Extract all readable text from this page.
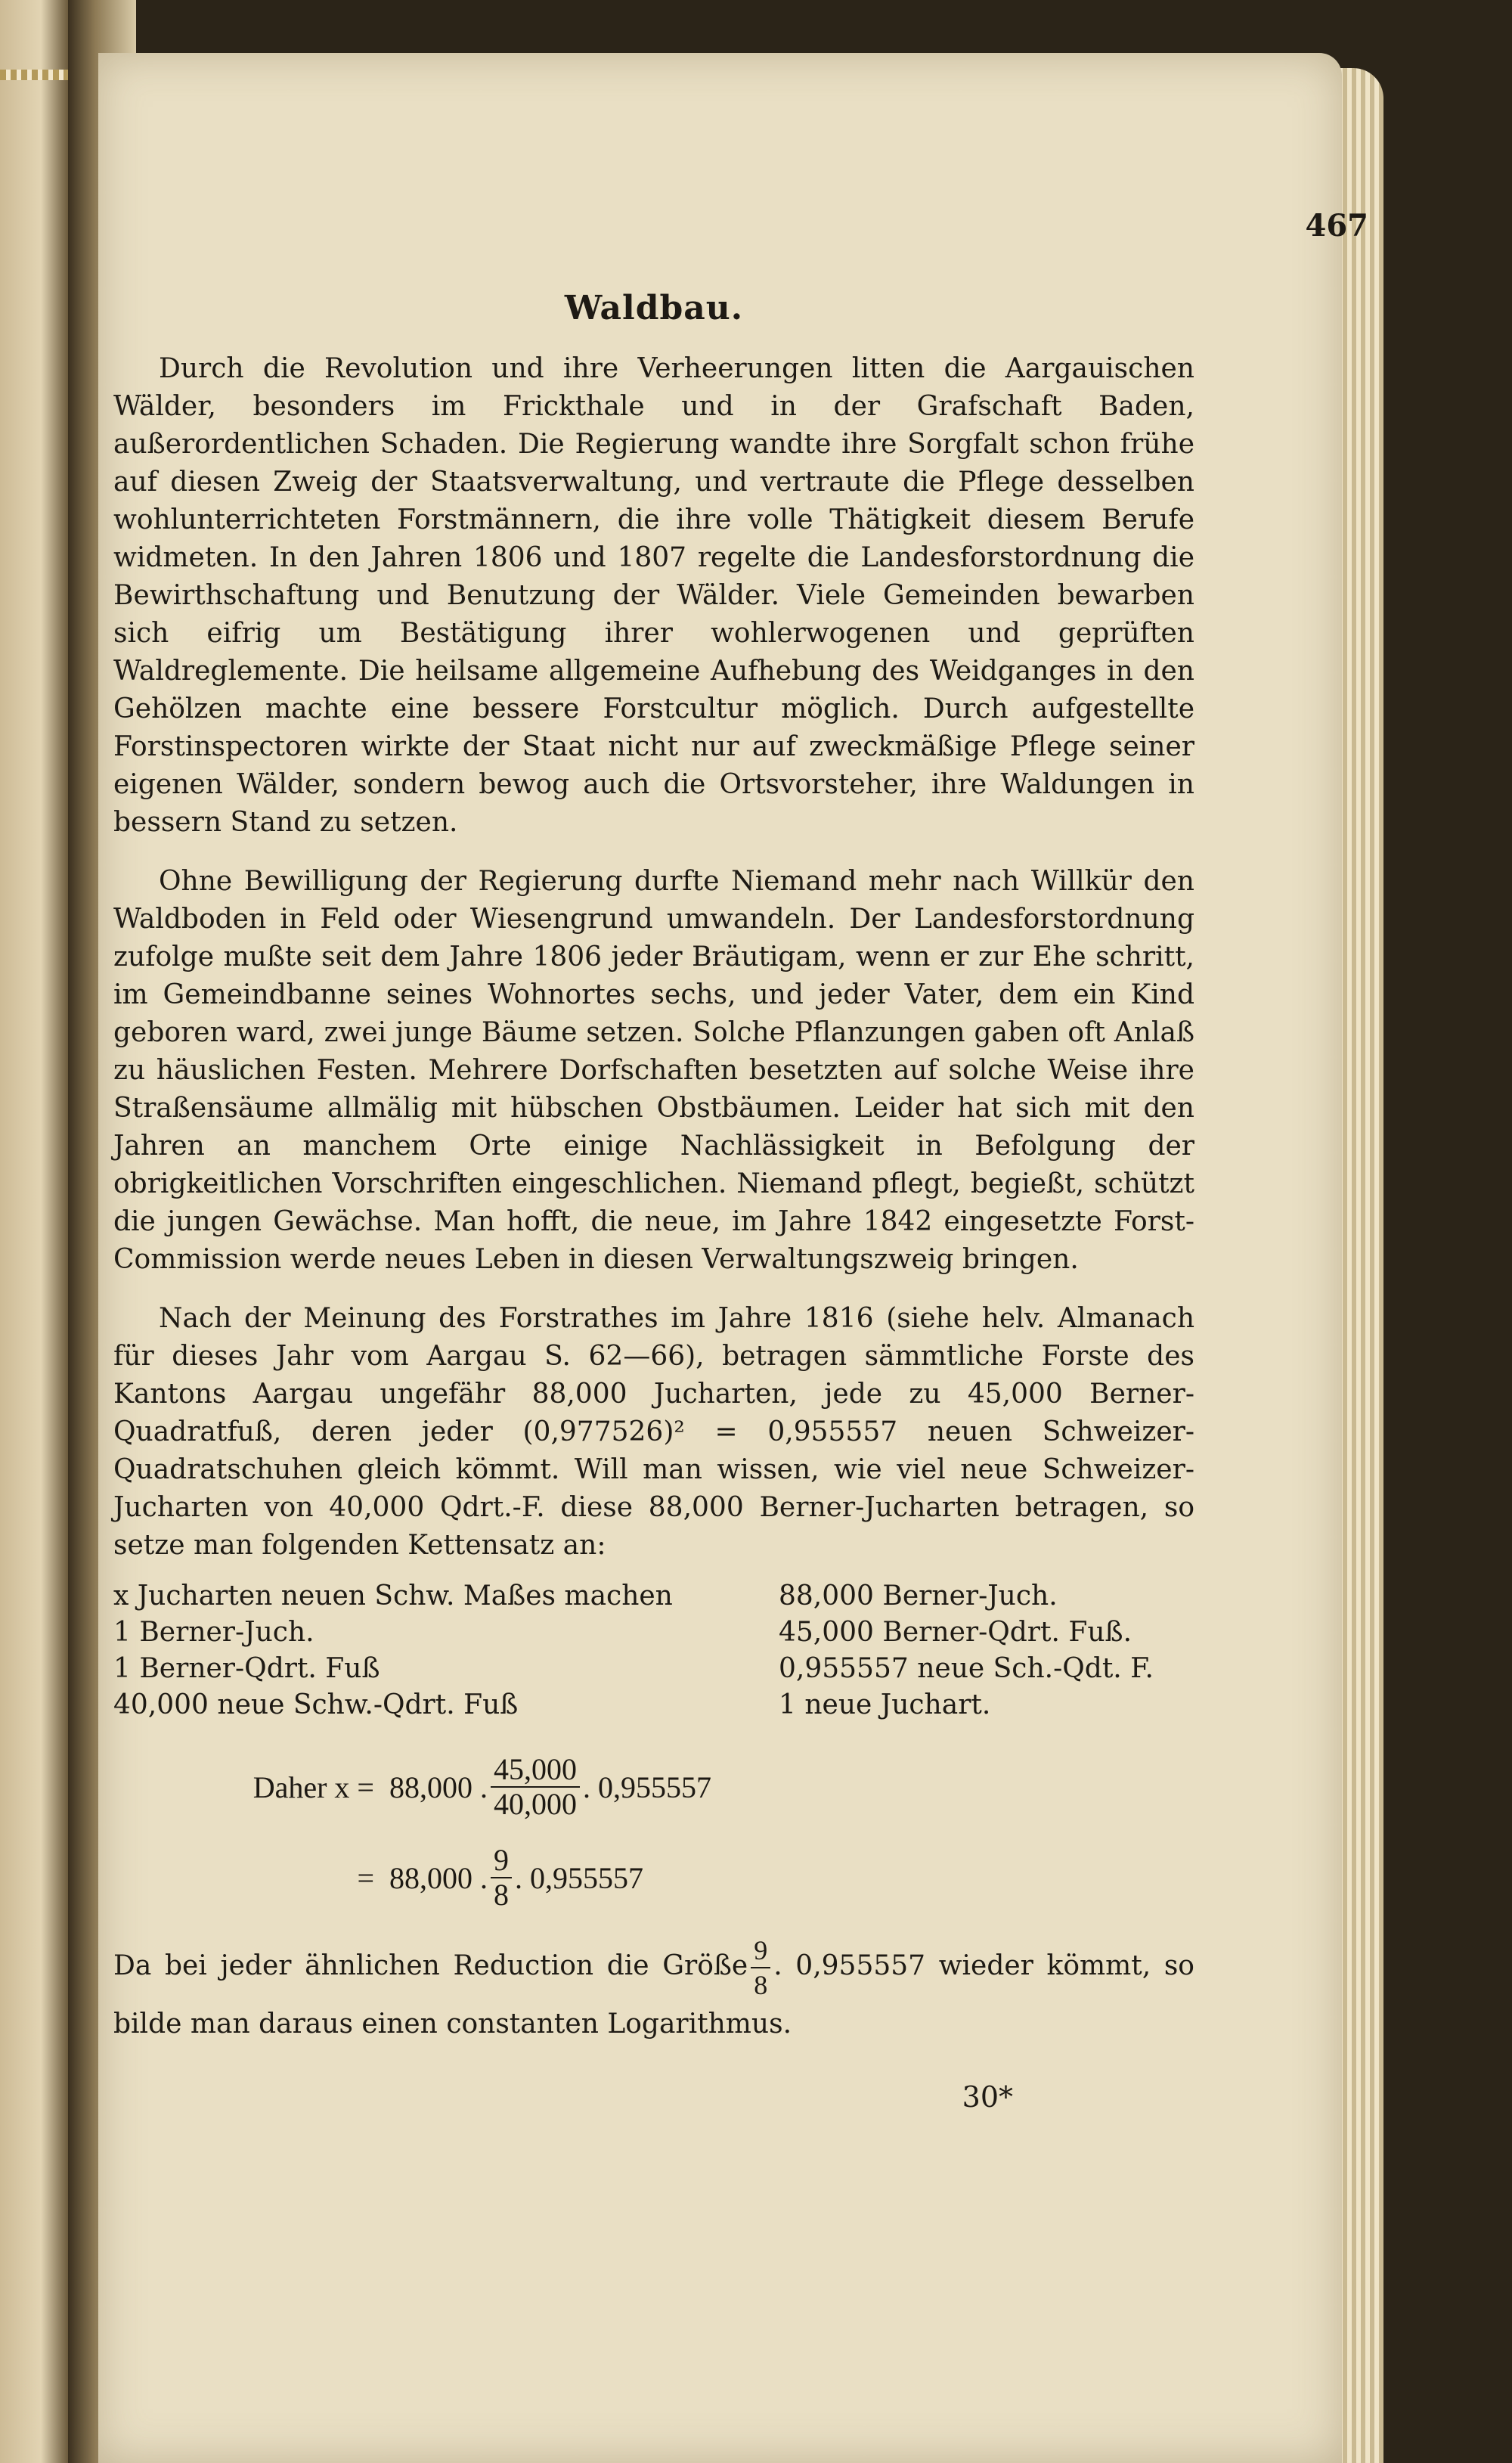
467
Waldbau.

Durch die Revolution und ihre Verheerungen litten die Aargauischen Wälder, besonders im Frickthale und in der Grafschaft Baden, außerordentlichen Schaden. Die Regierung wandte ihre Sorgfalt schon frühe auf diesen Zweig der Staatsverwaltung, und vertraute die Pflege desselben wohlunterrichteten Forstmännern, die ihre volle Thätigkeit diesem Berufe widmeten. In den Jahren 1806 und 1807 regelte die Landesforstordnung die Bewirthschaftung und Benutzung der Wälder. Viele Gemeinden bewarben sich eifrig um Bestätigung ihrer wohlerwogenen und geprüften Waldreglemente. Die heilsame allgemeine Aufhebung des Weidganges in den Gehölzen machte eine bessere Forstcultur möglich. Durch aufgestellte Forstinspectoren wirkte der Staat nicht nur auf zweckmäßige Pflege seiner eigenen Wälder, sondern bewog auch die Ortsvorsteher, ihre Waldungen in bessern Stand zu setzen.

Ohne Bewilligung der Regierung durfte Niemand mehr nach Willkür den Waldboden in Feld oder Wiesengrund umwandeln. Der Landesforstordnung zufolge mußte seit dem Jahre 1806 jeder Bräutigam, wenn er zur Ehe schritt, im Gemeindbanne seines Wohnortes sechs, und jeder Vater, dem ein Kind geboren ward, zwei junge Bäume setzen. Solche Pflanzungen gaben oft Anlaß zu häuslichen Festen. Mehrere Dorfschaften besetzten auf solche Weise ihre Straßensäume allmälig mit hübschen Obstbäumen. Leider hat sich mit den Jahren an manchem Orte einige Nachlässigkeit in Befolgung der obrigkeitlichen Vorschriften eingeschlichen. Niemand pflegt, begießt, schützt die jungen Gewächse. Man hofft, die neue, im Jahre 1842 eingesetzte Forst-Commission werde neues Leben in diesen Verwaltungszweig bringen.

Nach der Meinung des Forstrathes im Jahre 1816 (siehe helv. Almanach für dieses Jahr vom Aargau S. 62—66), betragen sämmtliche Forste des Kantons Aargau ungefähr 88,000 Jucharten, jede zu 45,000 Berner-Quadratfuß, deren jeder (0,977526)² = 0,955557 neuen Schweizer-Quadratschuhen gleich kömmt. Will man wissen, wie viel neue Schweizer-Jucharten von 40,000 Qdrt.-F. diese 88,000 Berner-Jucharten betragen, so setze man folgenden Kettensatz an:

x Jucharten neuen Schw. Maßes machen	88,000 Berner-Juch.
1 Berner-Juch.	45,000 Berner-Qdrt. Fuß.
1 Berner-Qdrt. Fuß	0,955557 neue Sch.-Qdt. F.
40,000 neue Schw.-Qdrt. Fuß	1 neue Juchart.
Daher x = 88,000 . $\frac{45,000}{40,000}$ . 0,955557
= 88,000 . $\frac{9}{8}$ . 0,955557

Da bei jeder ähnlichen Reduction die Größe $\frac{9}{8}$ . 0,955557 wieder kömmt, so bilde man daraus einen constanten Logarithmus.

30*
